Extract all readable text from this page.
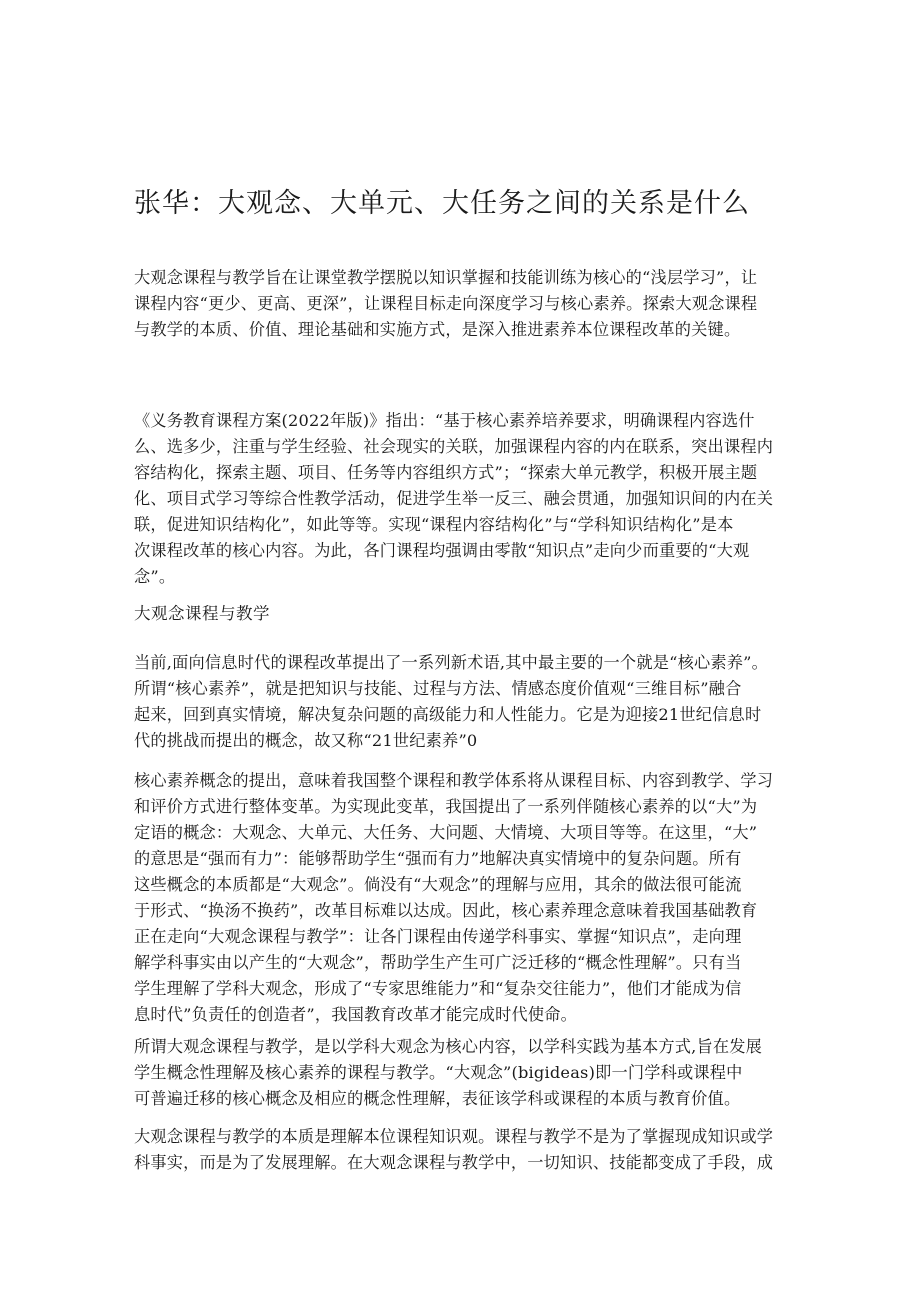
张华：大观念、大单元、大任务之间的关系是什么
大观念课程与教学旨在让课堂教学摆脱以知识掌握和技能训练为核心的“浅层学习”，让
课程内容“更少、更高、更深”，让课程目标走向深度学习与核心素养。探索大观念课程
与教学的本质、价值、理论基础和实施方式，是深入推进素养本位课程改革的关键。
《义务教育课程方案(2022年版)》指出：“基于核心素养培养要求，明确课程内容选什
么、选多少，注重与学生经验、社会现实的关联，加强课程内容的内在联系，突出课程内
容结构化，探索主题、项目、任务等内容组织方式”；“探索大单元教学，积极开展主题
化、项目式学习等综合性教学活动，促进学生举一反三、融会贯通，加强知识间的内在关
联，促进知识结构化”，如此等等。实现“课程内容结构化”与“学科知识结构化”是本
次课程改革的核心内容。为此，各门课程均强调由零散“知识点”走向少而重要的“大观
念”。
大观念课程与教学
当前,面向信息时代的课程改革提出了一系列新术语,其中最主要的一个就是“核心素养”。
所谓“核心素养”，就是把知识与技能、过程与方法、情感态度价值观“三维目标”融合
起来，回到真实情境，解决复杂问题的高级能力和人性能力。它是为迎接21世纪信息时
代的挑战而提出的概念，故又称“21世纪素养”0
核心素养概念的提出，意味着我国整个课程和教学体系将从课程目标、内容到教学、学习
和评价方式进行整体变革。为实现此变革，我国提出了一系列伴随核心素养的以“大”为
定语的概念：大观念、大单元、大任务、大问题、大情境、大项目等等。在这里，“大”
的意思是“强而有力”：能够帮助学生“强而有力”地解决真实情境中的复杂问题。所有
这些概念的本质都是“大观念”。倘没有“大观念”的理解与应用，其余的做法很可能流
于形式、“换汤不换药”，改革目标难以达成。因此，核心素养理念意味着我国基础教育
正在走向“大观念课程与教学”：让各门课程由传递学科事实、掌握“知识点”，走向理
解学科事实由以产生的“大观念”，帮助学生产生可广泛迁移的“概念性理解”。只有当
学生理解了学科大观念，形成了“专家思维能力”和“复杂交往能力”，他们才能成为信
息时代”负责任的创造者”，我国教育改革才能完成时代使命。
所谓大观念课程与教学，是以学科大观念为核心内容，以学科实践为基本方式,旨在发展
学生概念性理解及核心素养的课程与教学。“大观念”(bigideas)即一门学科或课程中
可普遍迁移的核心概念及相应的概念性理解，表征该学科或课程的本质与教育价值。
大观念课程与教学的本质是理解本位课程知识观。课程与教学不是为了掌握现成知识或学
科事实，而是为了发展理解。在大观念课程与教学中，一切知识、技能都变成了手段，成
